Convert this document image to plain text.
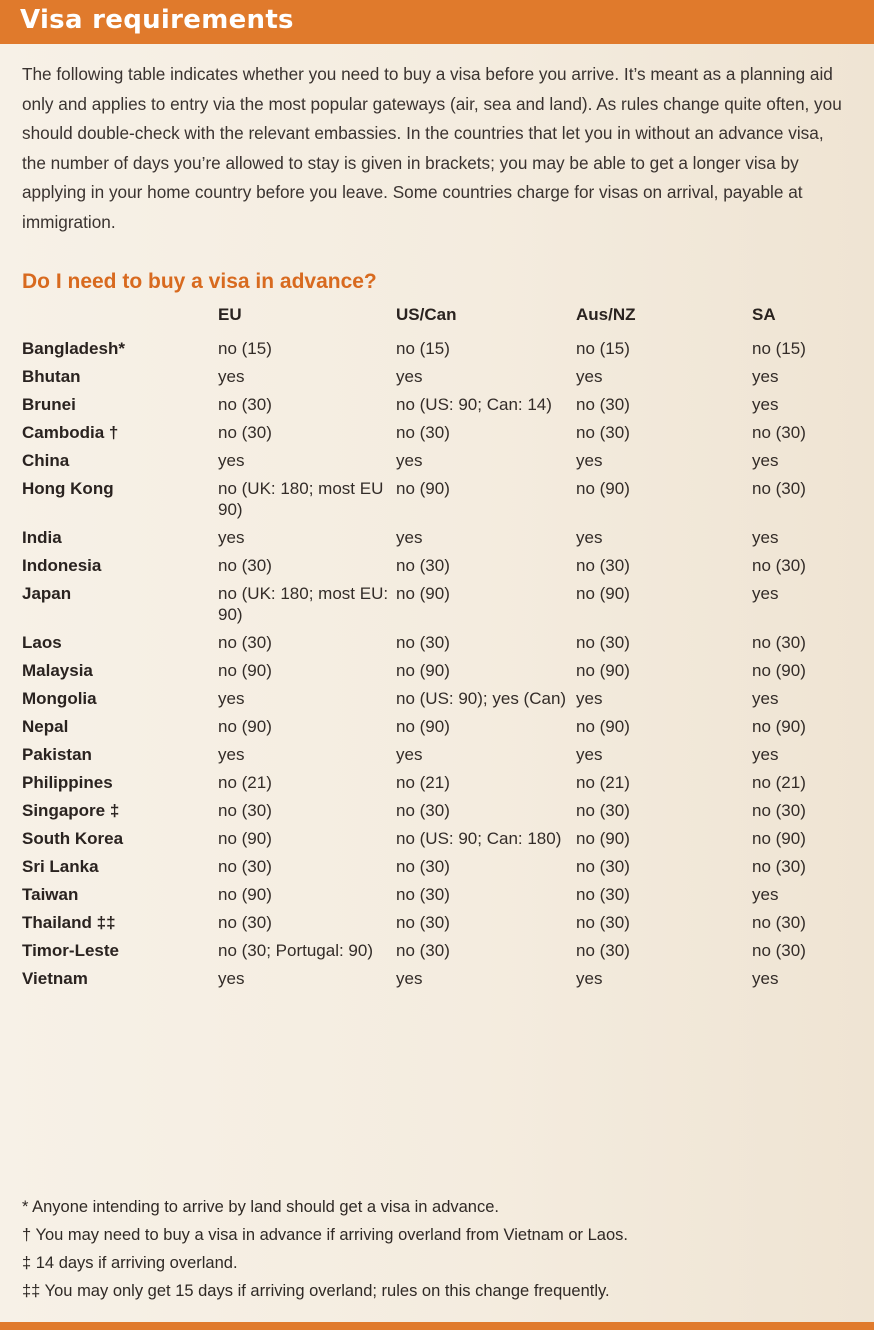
Visa requirements

The following table indicates whether you need to buy a visa before you arrive. It’s meant as a planning aid only and applies to entry via the most popular gateways (air, sea and land). As rules change quite often, you should double-check with the relevant embassies. In the countries that let you in without an advance visa, the number of days you’re allowed to stay is given in brackets; you may be able to get a longer visa by applying in your home country before you leave. Some countries charge for visas on arrival, payable at immigration.

Do I need to buy a visa in advance?
	EU	US/Can	Aus/NZ	SA
Bangladesh*	no (15)	no (15)	no (15)	no (15)
Bhutan	yes	yes	yes	yes
Brunei	no (30)	no (US: 90; Can: 14)	no (30)	yes
Cambodia †	no (30)	no (30)	no (30)	no (30)
China	yes	yes	yes	yes
Hong Kong	no (UK: 180; most EU 90)	no (90)	no (90)	no (30)
India	yes	yes	yes	yes
Indonesia	no (30)	no (30)	no (30)	no (30)
Japan	no (UK: 180; most EU: 90)	no (90)	no (90)	yes
Laos	no (30)	no (30)	no (30)	no (30)
Malaysia	no (90)	no (90)	no (90)	no (90)
Mongolia	yes	no (US: 90); yes (Can)	yes	yes
Nepal	no (90)	no (90)	no (90)	no (90)
Pakistan	yes	yes	yes	yes
Philippines	no (21)	no (21)	no (21)	no (21)
Singapore ‡	no (30)	no (30)	no (30)	no (30)
South Korea	no (90)	no (US: 90; Can: 180)	no (90)	no (90)
Sri Lanka	no (30)	no (30)	no (30)	no (30)
Taiwan	no (90)	no (30)	no (30)	yes
Thailand ‡‡	no (30)	no (30)	no (30)	no (30)
Timor-Leste	no (30; Portugal: 90)	no (30)	no (30)	no (30)
Vietnam	yes	yes	yes	yes
* Anyone intending to arrive by land should get a visa in advance.
† You may need to buy a visa in advance if arriving overland from Vietnam or Laos.
‡ 14 days if arriving overland.
‡‡ You may only get 15 days if arriving overland; rules on this change frequently.
